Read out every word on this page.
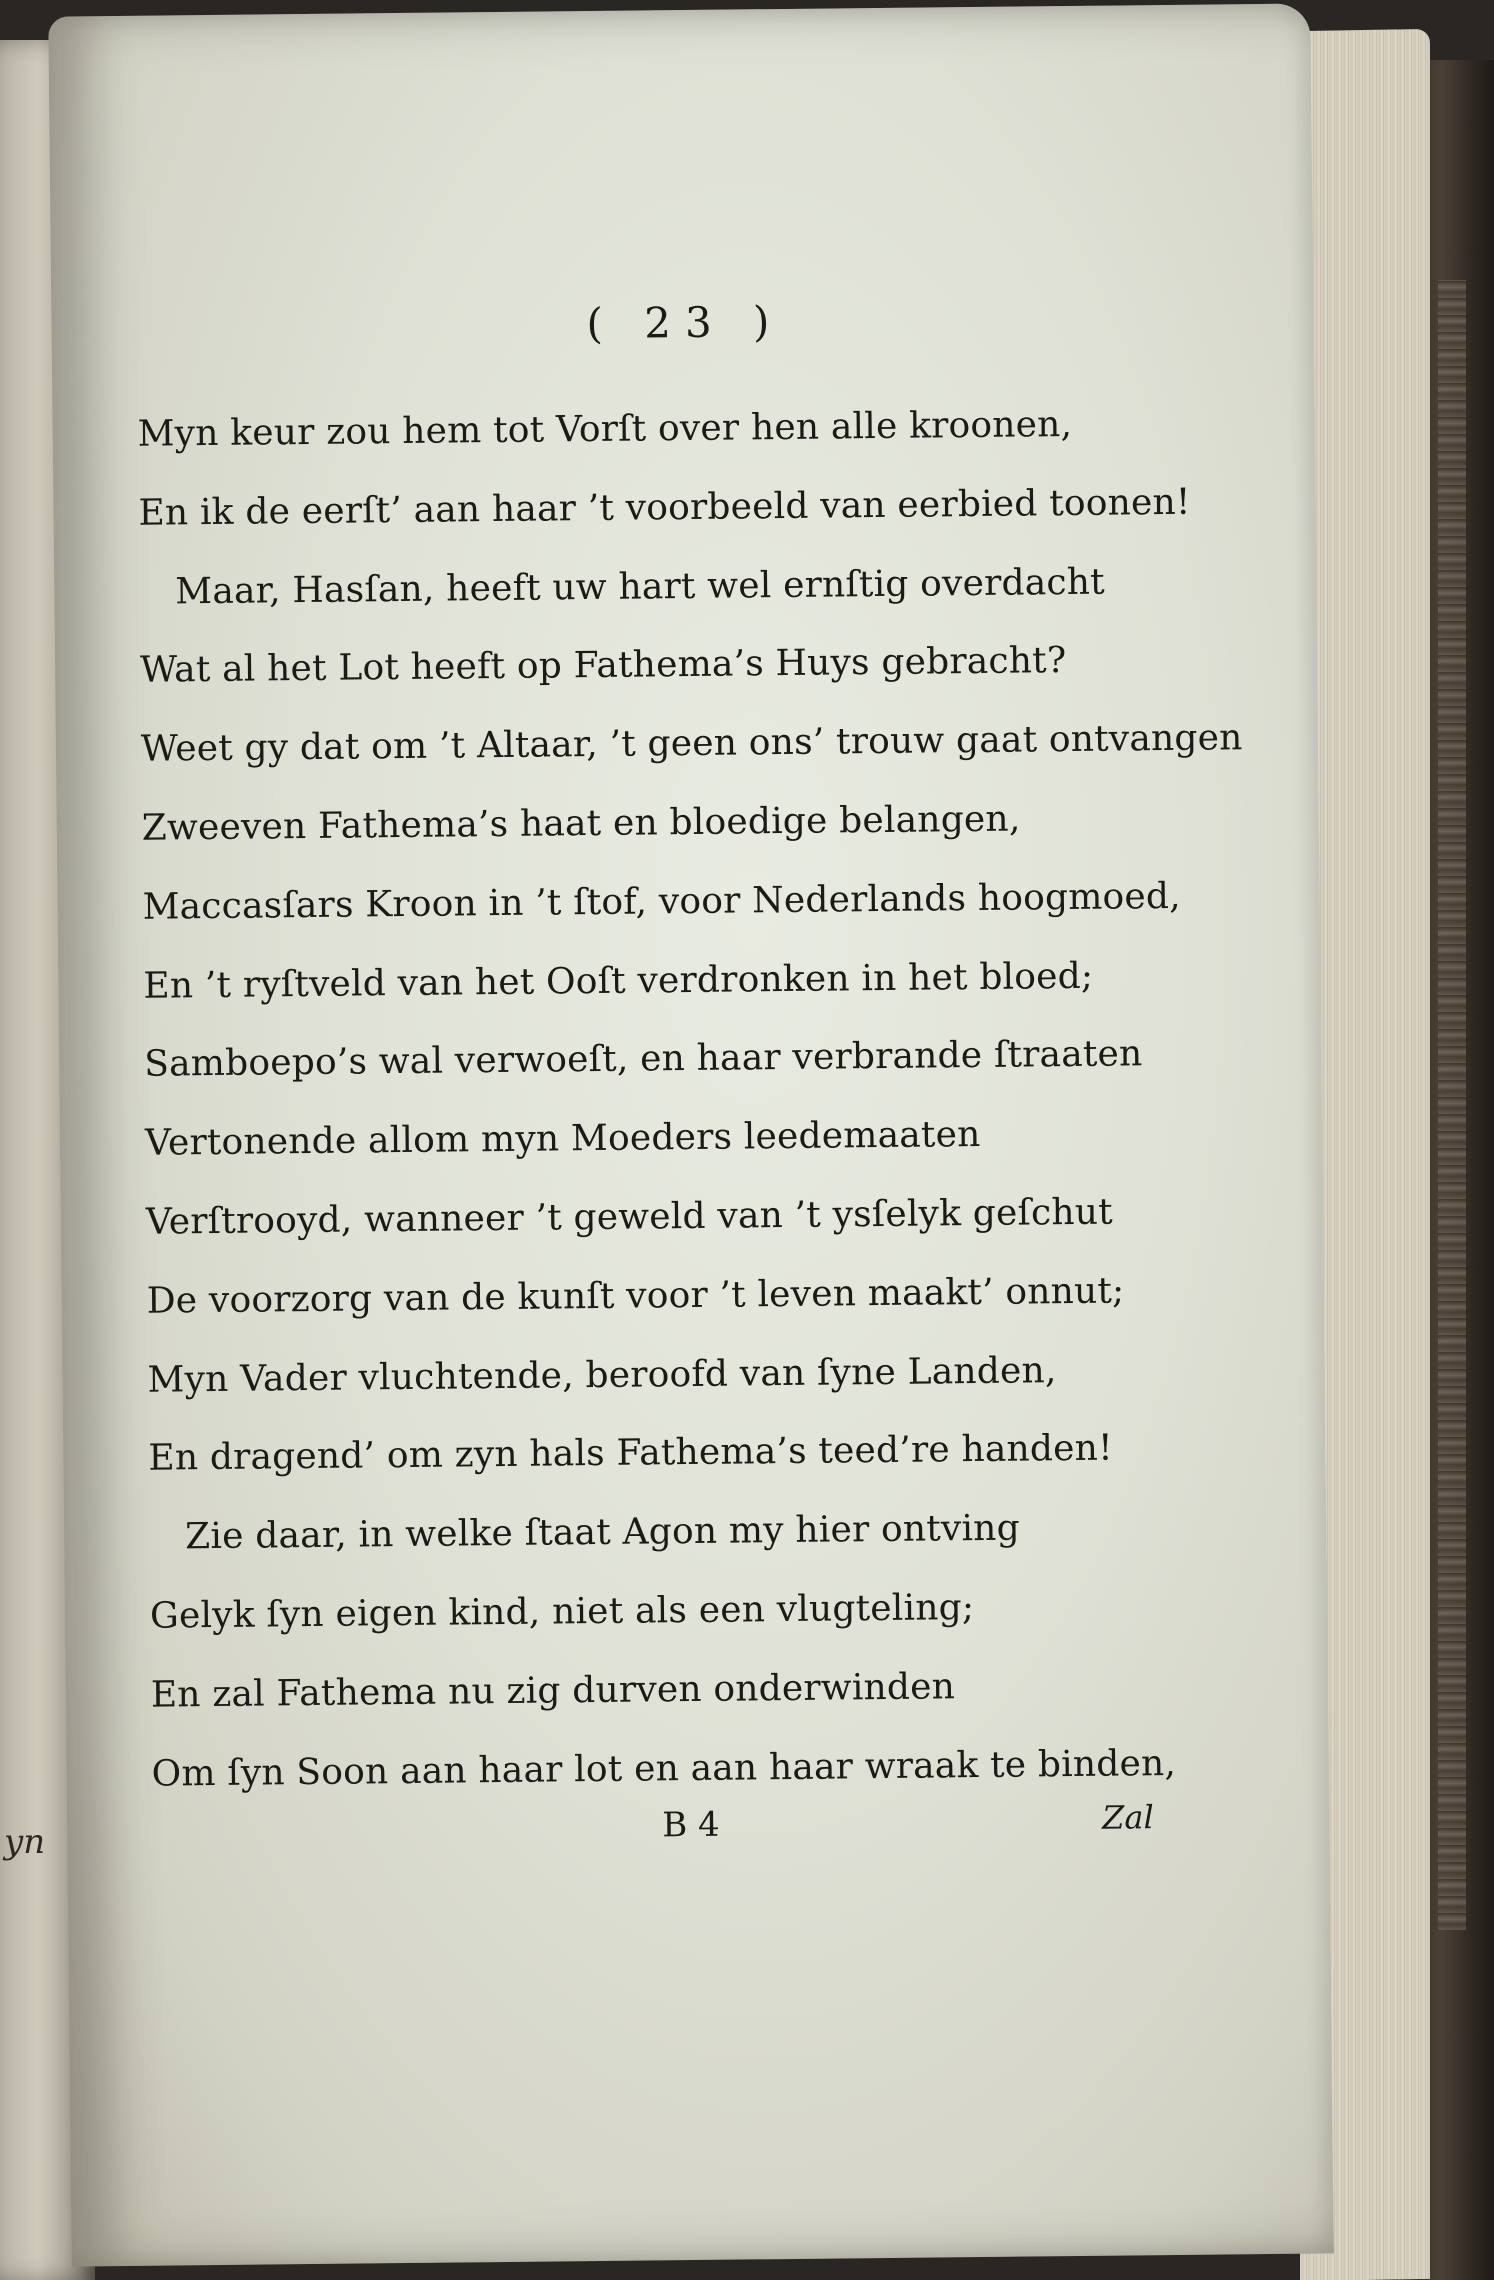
yn
( 23 )
Myn keur zou hem tot Vorſt over hen alle kroonen,
En ik de eerſt’ aan haar ’t voorbeeld van eerbied toonen!
Maar, Hasſan, heeft uw hart wel ernſtig overdacht
Wat al het Lot heeft op Fathema’s Huys gebracht?
Weet gy dat om ’t Altaar, ’t geen ons’ trouw gaat ontvangen
Zweeven Fathema’s haat en bloedige belangen,
Maccasſars Kroon in ’t ſtof, voor Nederlands hoogmoed,
En ’t ryſtveld van het Ooſt verdronken in het bloed;
Samboepo’s wal verwoeſt, en haar verbrande ſtraaten
Vertonende allom myn Moeders leedemaaten
Verſtrooyd, wanneer ’t geweld van ’t ysſelyk geſchut
De voorzorg van de kunſt voor ’t leven maakt’ onnut;
Myn Vader vluchtende, beroofd van ſyne Landen,
En dragend’ om zyn hals Fathema’s teed’re handen!
Zie daar, in welke ſtaat Agon my hier ontving
Gelyk ſyn eigen kind, niet als een vlugteling;
En zal Fathema nu zig durven onderwinden
Om ſyn Soon aan haar lot en aan haar wraak te binden,
B 4	Zal
